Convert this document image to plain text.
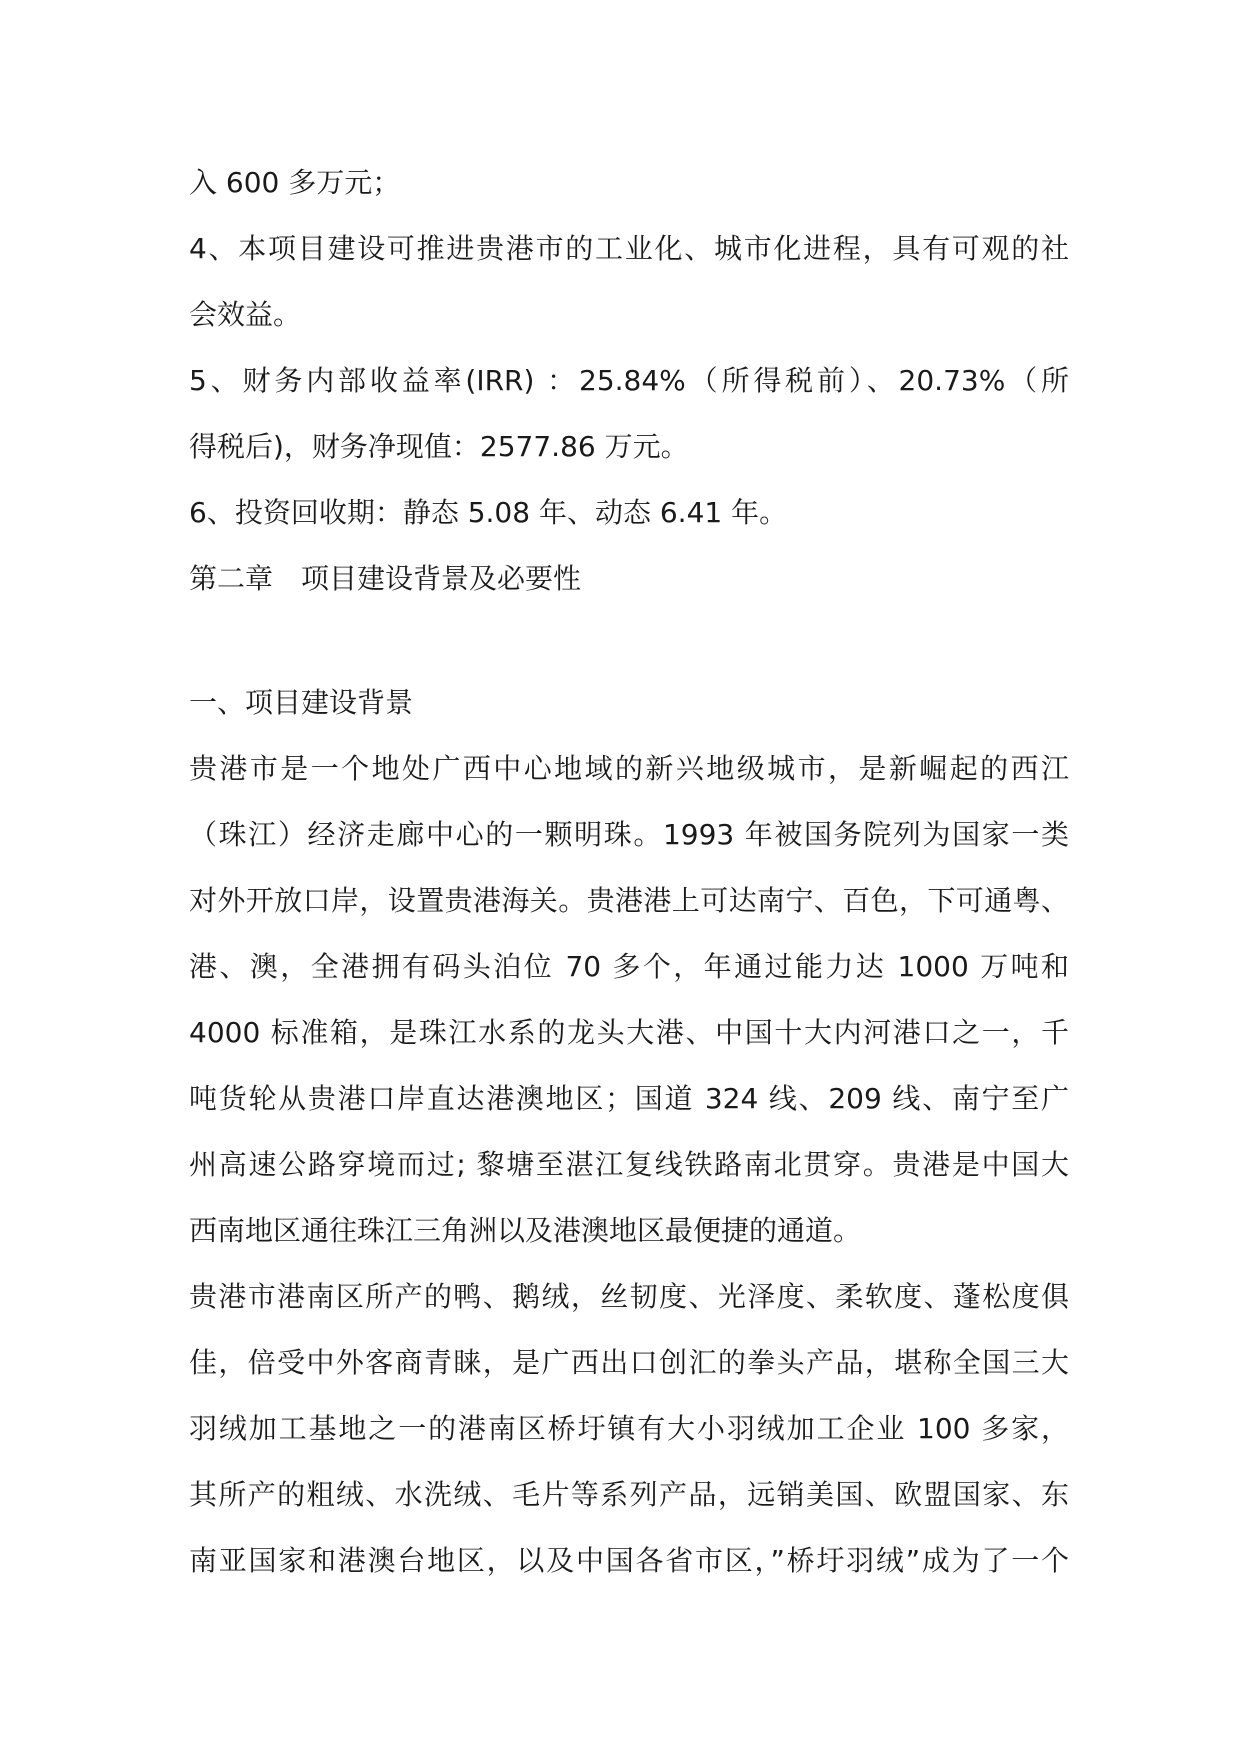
入 600 多万元；
4、本项目建设可推进贵港市的工业化、城市化进程，具有可观的社
会效益。
5、财务内部收益率(IRR) ：25.84%（所得税前）、20.73%（所
得税后)，财务净现值：2577.86 万元。
6、投资回收期：静态 5.08 年、动态 6.41 年。
第二章　项目建设背景及必要性
一、项目建设背景
贵港市是一个地处广西中心地域的新兴地级城市，是新崛起的西江
（珠江）经济走廊中心的一颗明珠。1993 年被国务院列为国家一类
对外开放口岸，设置贵港海关。贵港港上可达南宁、百色，下可通粤、
港、澳，全港拥有码头泊位 70 多个，年通过能力达 1000 万吨和
4000 标准箱，是珠江水系的龙头大港、中国十大内河港口之一，千
吨货轮从贵港口岸直达港澳地区；国道 324 线、209 线、南宁至广
州高速公路穿境而过; 黎塘至湛江复线铁路南北贯穿。贵港是中国大
西南地区通往珠江三角洲以及港澳地区最便捷的通道。
贵港市港南区所产的鸭、鹅绒，丝韧度、光泽度、柔软度、蓬松度俱
佳，倍受中外客商青睐，是广西出口创汇的拳头产品，堪称全国三大
羽绒加工基地之一的港南区桥圩镇有大小羽绒加工企业 100 多家，
其所产的粗绒、水洗绒、毛片等系列产品，远销美国、欧盟国家、东
南亚国家和港澳台地区，以及中国各省市区，”桥圩羽绒”成为了一个
